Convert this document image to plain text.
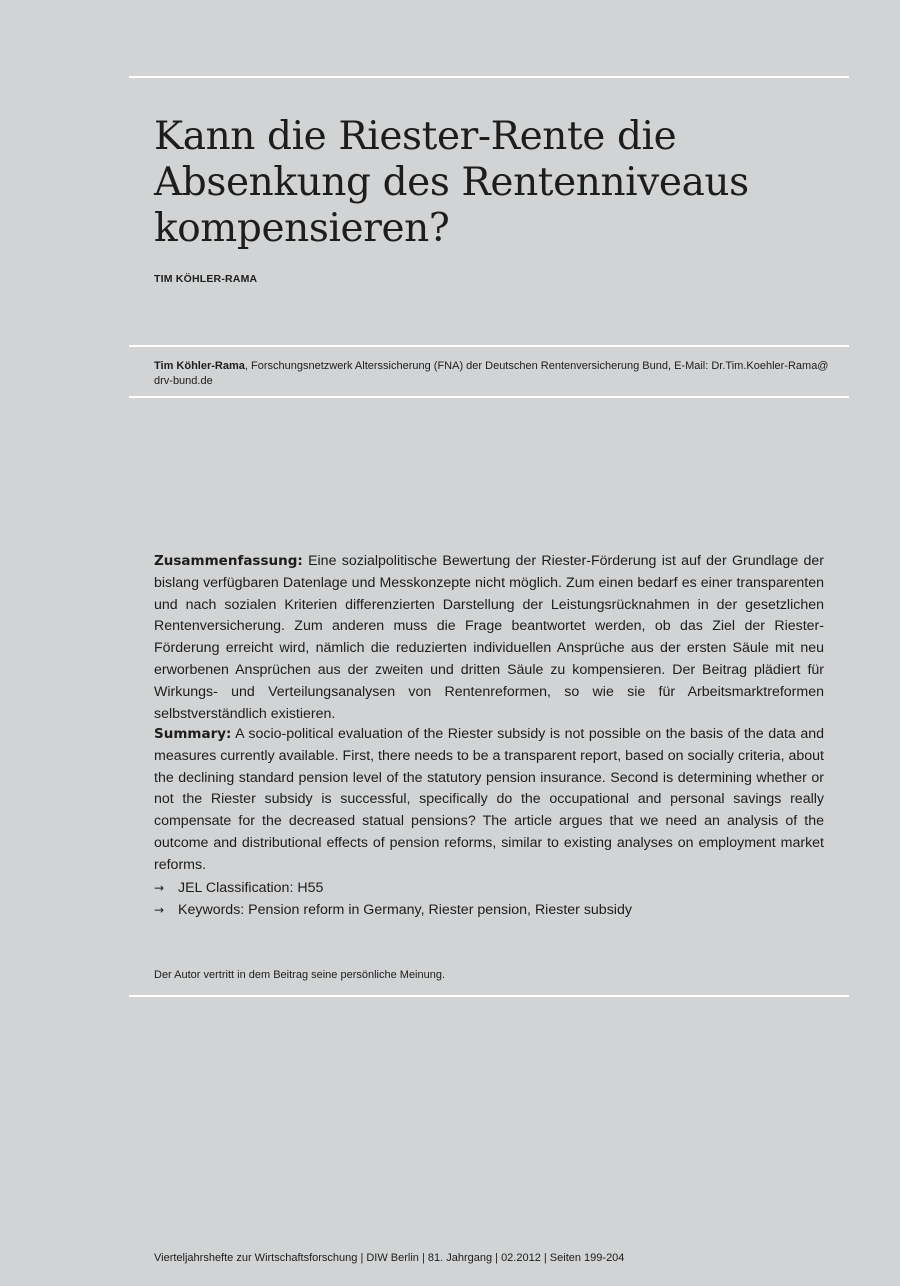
Kann die Riester-Rente die Absenkung des Rentenniveaus kompensieren?

TIM KÖHLER-RAMA

Tim Köhler-Rama, Forschungsnetzwerk Alterssicherung (FNA) der Deutschen Rentenversicherung Bund, E-Mail: Dr.Tim.Koehler-Rama@ drv-bund.de

Zusammenfassung: Eine sozialpolitische Bewertung der Riester-Förderung ist auf der Grundlage der bislang verfügbaren Datenlage und Messkonzepte nicht möglich. Zum einen bedarf es einer transparenten und nach sozialen Kriterien differenzierten Darstellung der Leistungsrücknahmen in der gesetzlichen Rentenversicherung. Zum anderen muss die Frage beantwortet werden, ob das Ziel der Riester-Förderung erreicht wird, nämlich die reduzierten individuellen Ansprüche aus der ersten Säule mit neu erworbenen Ansprüchen aus der zweiten und dritten Säule zu kompensieren. Der Beitrag plädiert für Wirkungs- und Verteilungsanalysen von Rentenreformen, so wie sie für Arbeitsmarktreformen selbstverständlich existieren.

Summary: A socio-political evaluation of the Riester subsidy is not possible on the basis of the data and measures currently available. First, there needs to be a transparent report, based on socially criteria, about the declining standard pension level of the statutory pension insurance. Second is determining whether or not the Riester subsidy is successful, specifically do the occupational and personal savings really compensate for the decreased statual pensions? The article argues that we need an analysis of the outcome and distributional effects of pension reforms, similar to existing analyses on employment market reforms.

→ JEL Classification: H55
→ Keywords: Pension reform in Germany, Riester pension, Riester subsidy

Der Autor vertritt in dem Beitrag seine persönliche Meinung.

Vierteljahrshefte zur Wirtschaftsforschung | DIW Berlin | 81. Jahrgang | 02.2012 | Seiten 199-204
